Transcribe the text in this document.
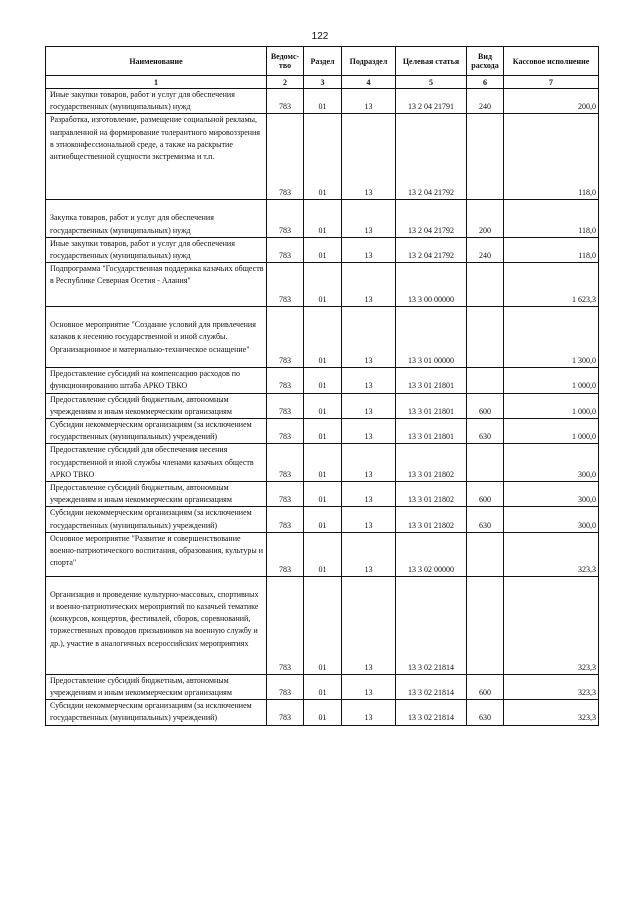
122
Наименование	Ведомс-тво	Раздел	Подраздел	Целевая статья	Вид расхода	Кассовое исполнение
1	2	3	4	5	6	7
Иные закупки товаров, работ и услуг для обеспечения государственных (муниципальных) нужд	783	01	13	13 2 04 21791	240	200,0
Разработка, изготовление, размещение социальной рекламы, направленной на формирование толерантного мировоззрения в этноконфессиональной среде, а также на раскрытие антиобщественной сущности экстремизма и т.п.	783	01	13	13 2 04 21792		118,0
Закупка товаров, работ и услуг для обеспечения государственных (муниципальных) нужд	783	01	13	13 2 04 21792	200	118,0
Иные закупки товаров, работ и услуг для обеспечения государственных (муниципальных) нужд	783	01	13	13 2 04 21792	240	118,0
Подпрограмма "Государственная поддержка казачьих обществ в Республике Северная Осетия - Алания"	783	01	13	13 3 00 00000		1 623,3
Основное мероприятие "Создание условий для привлечения казаков к несению государственной и иной службы. Организационное и материально-техническое оснащение"	783	01	13	13 3 01 00000		1 300,0
Предоставление субсидий на компенсацию расходов по функционированию штаба АРКО ТВКО	783	01	13	13 3 01 21801		1 000,0
Предоставление субсидий бюджетным, автономным учреждениям и иным некоммерческим организациям	783	01	13	13 3 01 21801	600	1 000,0
Субсидии некоммерческим организациям (за исключением государственных (муниципальных) учреждений)	783	01	13	13 3 01 21801	630	1 000,0
Предоставление субсидий для обеспечения несения государственной и иной службы членами казачьих обществ АРКО ТВКО	783	01	13	13 3 01 21802		300,0
Предоставление субсидий бюджетным, автономным учреждениям и иным некоммерческим организациям	783	01	13	13 3 01 21802	600	300,0
Субсидии некоммерческим организациям (за исключением государственных (муниципальных) учреждений)	783	01	13	13 3 01 21802	630	300,0
Основное мероприятие "Развитие и совершенствование военно-патриотического воспитания, образования, культуры и спорта"	783	01	13	13 3 02 00000		323,3
Организация и проведение культурно-массовых, спортивных и военно-патриотических мероприятий по казачьей тематике (конкурсов, концертов, фестивалей, сборов, соревнований, торжественных проводов призывников на военную службу и др.), участие в аналогичных всероссийских мероприятиях	783	01	13	13 3 02 21814		323,3
Предоставление субсидий бюджетным, автономным учреждениям и иным некоммерческим организациям	783	01	13	13 3 02 21814	600	323,3
Субсидии некоммерческим организациям (за исключением государственных (муниципальных) учреждений)	783	01	13	13 3 02 21814	630	323,3
